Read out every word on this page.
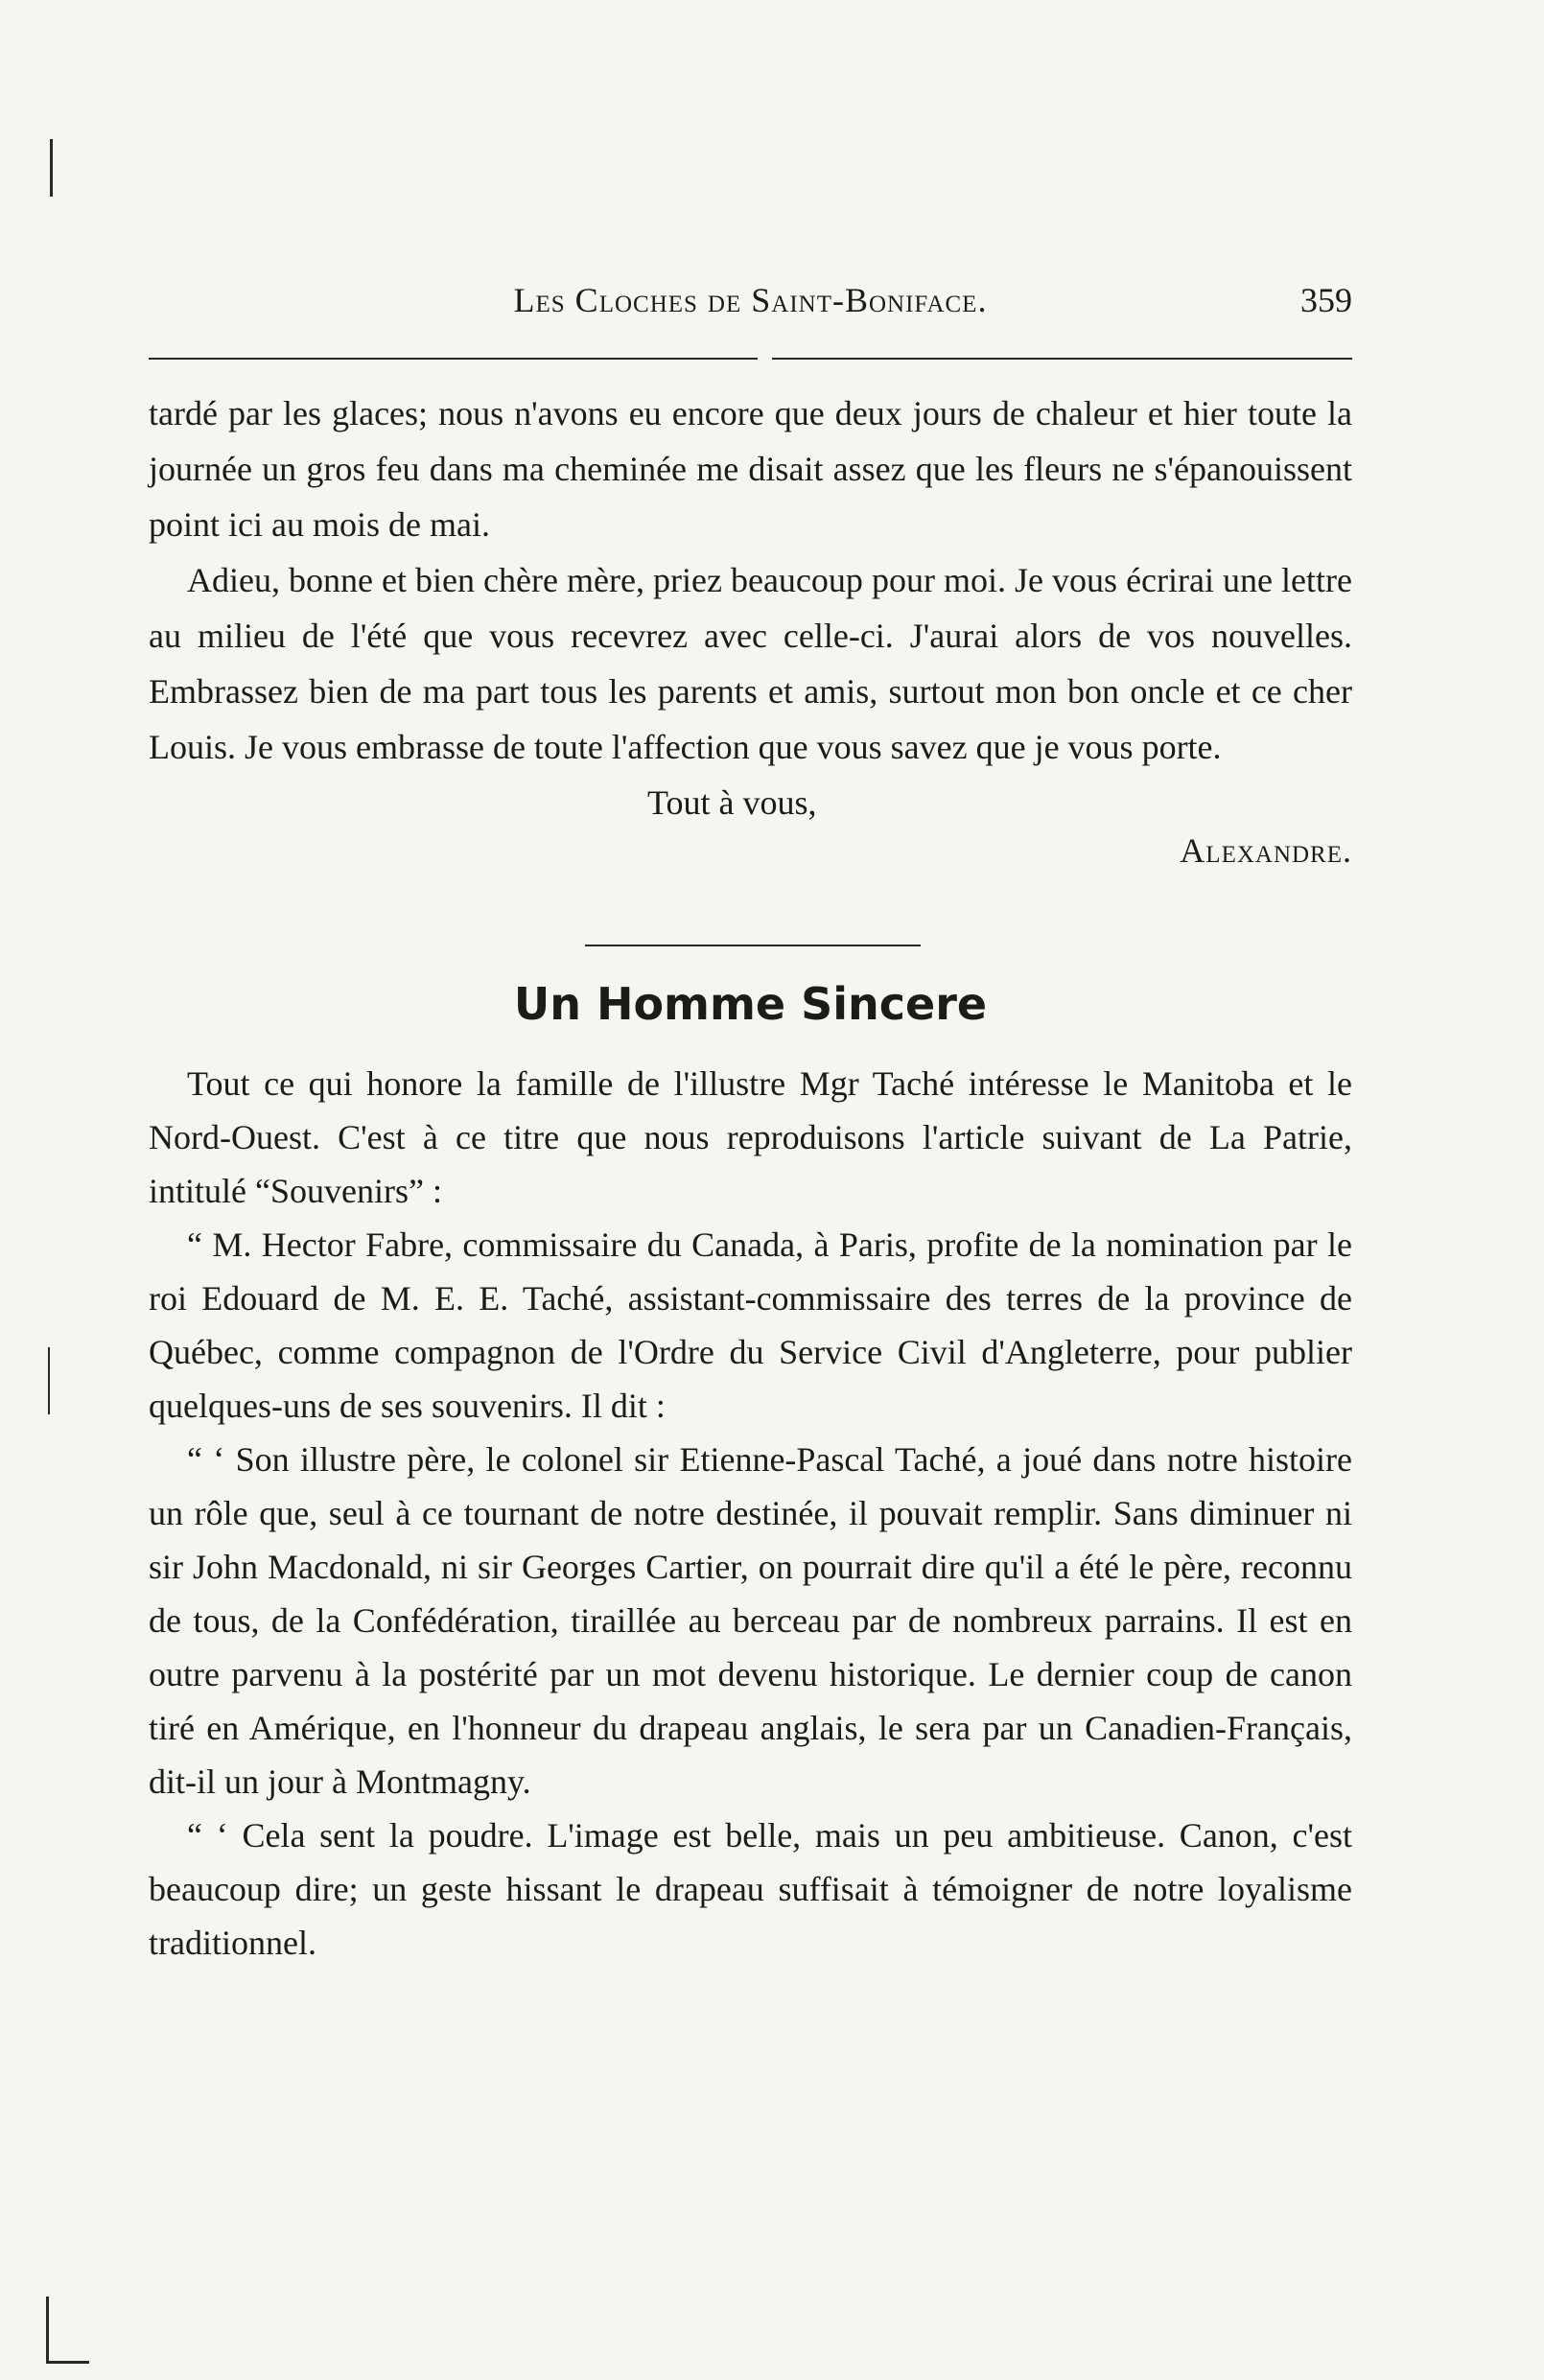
Les Cloches de Saint-Boniface.	359

tardé par les glaces; nous n'avons eu encore que deux jours de chaleur et hier toute la journée un gros feu dans ma cheminée me disait assez que les fleurs ne s'épanouissent point ici au mois de mai.

Adieu, bonne et bien chère mère, priez beaucoup pour moi. Je vous écrirai une lettre au milieu de l'été que vous recevrez avec celle-ci. J'aurai alors de vos nouvelles. Embrassez bien de ma part tous les parents et amis, surtout mon bon oncle et ce cher Louis. Je vous embrasse de toute l'affection que vous savez que je vous porte.

Tout à vous,
Alexandre.
Un Homme Sincere

Tout ce qui honore la famille de l'illustre Mgr Taché intéresse le Manitoba et le Nord-Ouest. C'est à ce titre que nous reproduisons l'article suivant de La Patrie, intitulé “Souvenirs” :

“ M. Hector Fabre, commissaire du Canada, à Paris, profite de la nomination par le roi Edouard de M. E. E. Taché, assistant-commissaire des terres de la province de Québec, comme compagnon de l'Ordre du Service Civil d'Angleterre, pour publier quelques-uns de ses souvenirs. Il dit :

“ ‘ Son illustre père, le colonel sir Etienne-Pascal Taché, a joué dans notre histoire un rôle que, seul à ce tournant de notre destinée, il pouvait remplir. Sans diminuer ni sir John Macdonald, ni sir Georges Cartier, on pourrait dire qu'il a été le père, reconnu de tous, de la Confédération, tiraillée au berceau par de nombreux parrains. Il est en outre parvenu à la postérité par un mot devenu historique. Le dernier coup de canon tiré en Amérique, en l'honneur du drapeau anglais, le sera par un Canadien-Français, dit-il un jour à Montmagny.

“ ‘ Cela sent la poudre. L'image est belle, mais un peu ambitieuse. Canon, c'est beaucoup dire; un geste hissant le drapeau suffisait à témoigner de notre loyalisme traditionnel.
